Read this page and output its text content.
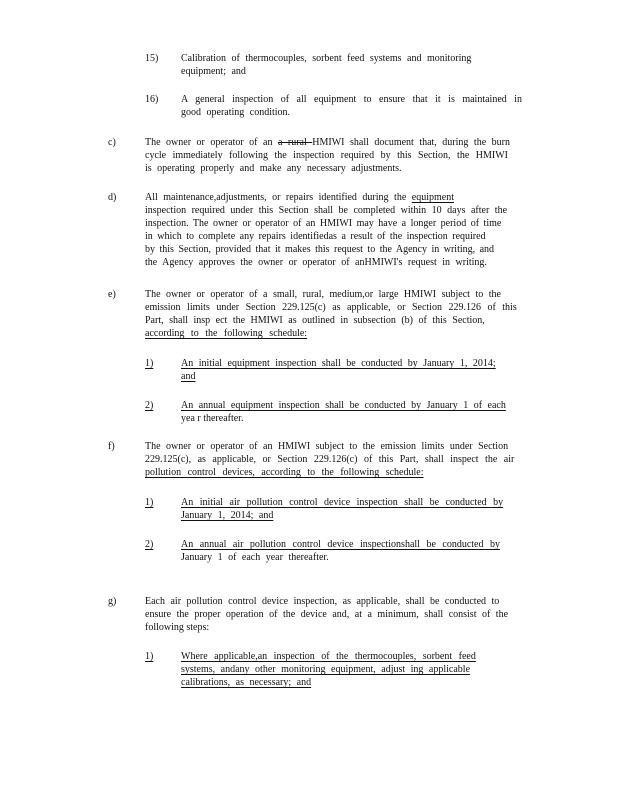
15) Calibration of thermocouples, sorbent feed systems and monitoring
equipment; and
16) A general inspection of all equipment to ensure that it is maintained in
good operating condition.
c)	The owner or operator of an a rural HMIWI shall document that, during the burn
cycle immediately following the inspection required by this Section, the HMIWI
is operating properly and make any necessary adjustments.
d)	All maintenance,adjustments, or repairs identified during the equipment
inspection required under this Section shall be completed within 10 days after the
inspection. The owner or operator of an HMIWI may have a longer period of time
in which to complete any repairs identifiedas a result of the inspection required
by this Section, provided that it makes this request to the Agency in writing, and
the Agency approves the owner or operator of anHMIWI's request in writing.
e)	The owner or operator of a small, rural, medium,or large HMIWI subject to the
emission limits under Section 229.125(c) as applicable, or Section 229.126 of this
Part, shall insp ect the HMIWI as outlined in subsection (b) of this Section,
according to the following schedule:
1)	An initial equipment inspection shall be conducted by January 1, 2014;
and
2)	An annual equipment inspection shall be conducted by January 1 of each
yea r thereafter.
f)	The owner or operator of an HMIWI subject to the emission limits under Section
229.125(c), as applicable, or Section 229.126(c) of this Part, shall inspect the air
pollution control devices, according to the following schedule:
1)	An initial air pollution control device inspection shall be conducted by
January 1, 2014; and
2)	An annual air pollution control device inspectionshall be conducted by
January 1 of each year thereafter.
g)	Each air pollution control device inspection, as applicable, shall be conducted to
ensure the proper operation of the device and, at a minimum, shall consist of the
following steps:
1)	Where applicable,an inspection of the thermocouples, sorbent feed
systems, andany other monitoring equipment, adjust ing applicable
calibrations, as necessary; and
